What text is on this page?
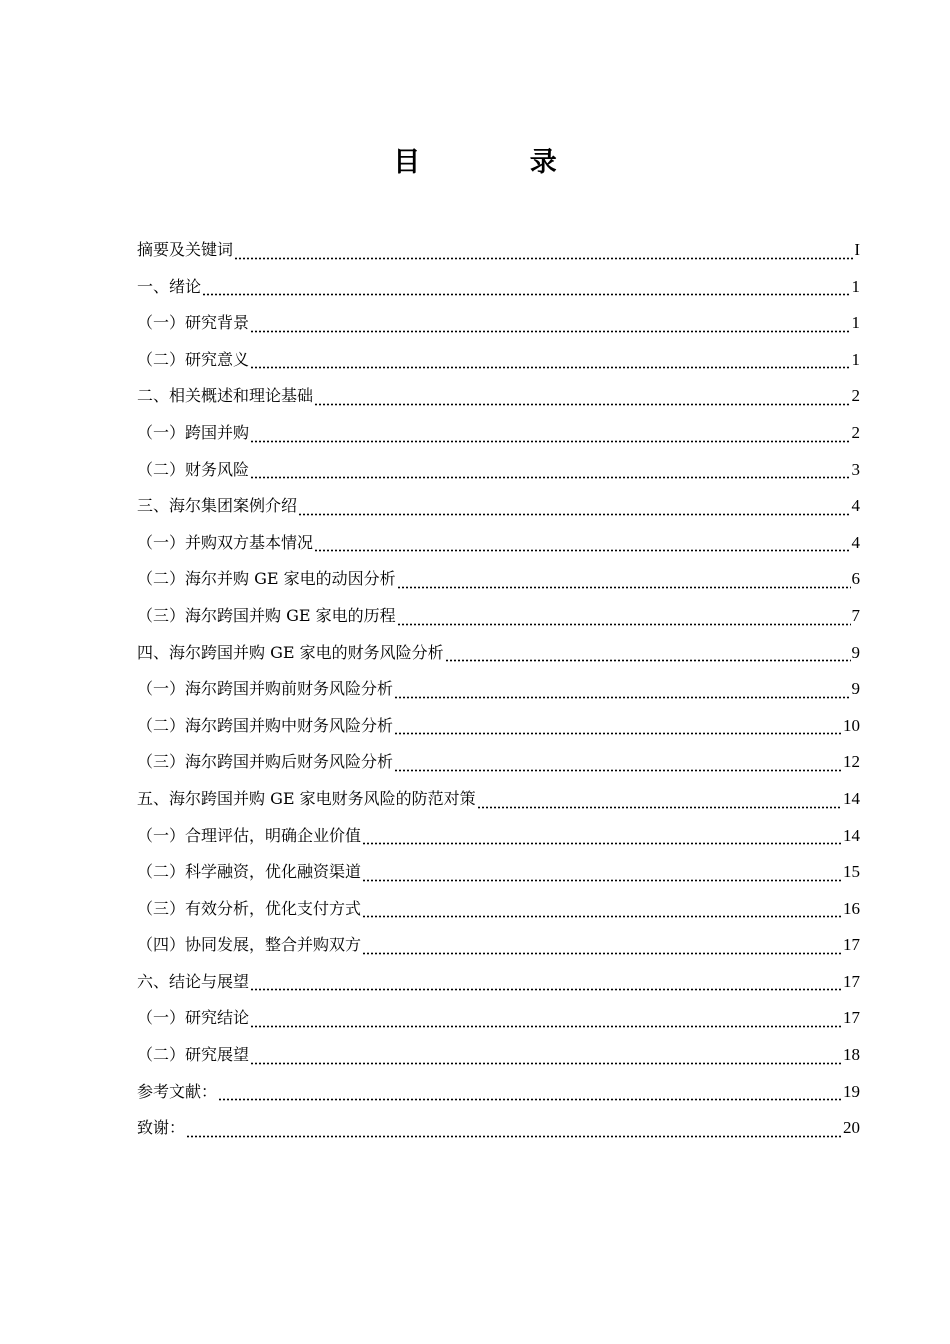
目 录
摘要及关键词	I
一、绪论	1
（一）研究背景	1
（二）研究意义	1
二、相关概述和理论基础	2
（一）跨国并购	2
（二）财务风险	3
三、海尔集团案例介绍	4
（一）并购双方基本情况	4
（二）海尔并购 GE 家电的动因分析	6
（三）海尔跨国并购 GE 家电的历程	7
四、海尔跨国并购 GE 家电的财务风险分析	9
（一）海尔跨国并购前财务风险分析	9
（二）海尔跨国并购中财务风险分析	10
（三）海尔跨国并购后财务风险分析	12
五、海尔跨国并购 GE 家电财务风险的防范对策	14
（一）合理评估，明确企业价值	14
（二）科学融资，优化融资渠道	15
（三）有效分析，优化支付方式	16
（四）协同发展，整合并购双方	17
六、结论与展望	17
（一）研究结论	17
（二）研究展望	18
参考文献：	19
致谢：	20
